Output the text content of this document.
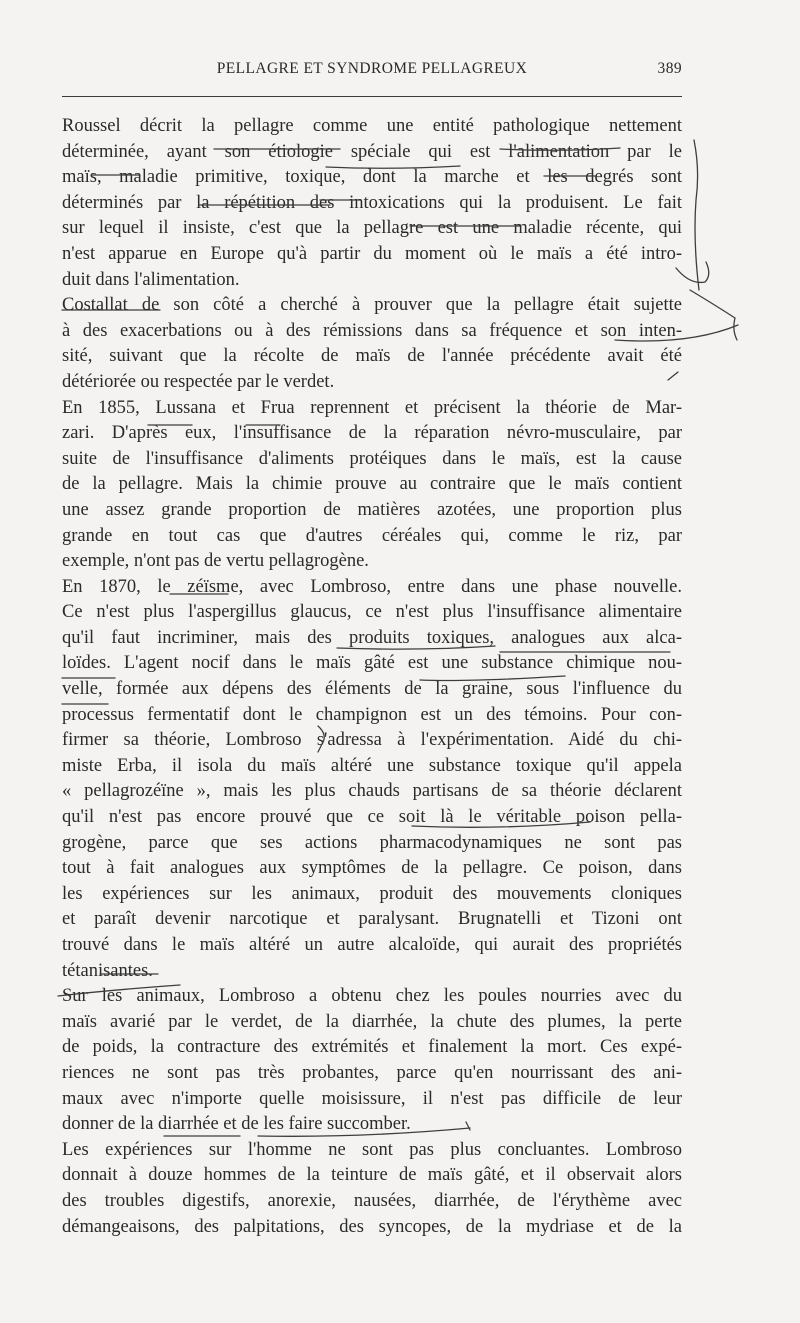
PELLAGRE ET SYNDROME PELLAGREUX	389
Roussel décrit la pellagre comme une entité pathologique nettement
déterminée, ayant son étiologie spéciale qui est l'alimentation par le
maïs, maladie primitive, toxique, dont la marche et les degrés sont
déterminés par la répétition des intoxications qui la produisent. Le fait
sur lequel il insiste, c'est que la pellagre est une maladie récente, qui
n'est apparue en Europe qu'à partir du moment où le maïs a été intro-
duit dans l'alimentation.
Costallat de son côté a cherché à prouver que la pellagre était sujette
à des exacerbations ou à des rémissions dans sa fréquence et son inten-
sité, suivant que la récolte de maïs de l'année précédente avait été
détériorée ou respectée par le verdet.
En 1855, Lussana et Frua reprennent et précisent la théorie de Mar-
zari. D'après eux, l'insuffisance de la réparation névro-musculaire, par
suite de l'insuffisance d'aliments protéiques dans le maïs, est la cause
de la pellagre. Mais la chimie prouve au contraire que le maïs contient
une assez grande proportion de matières azotées, une proportion plus
grande en tout cas que d'autres céréales qui, comme le riz, par
exemple, n'ont pas de vertu pellagrogène.
En 1870, le zéïsme, avec Lombroso, entre dans une phase nouvelle.
Ce n'est plus l'aspergillus glaucus, ce n'est plus l'insuffisance alimentaire
qu'il faut incriminer, mais des produits toxiques, analogues aux alca-
loïdes. L'agent nocif dans le maïs gâté est une substance chimique nou-
velle, formée aux dépens des éléments de la graine, sous l'influence du
processus fermentatif dont le champignon est un des témoins. Pour con-
firmer sa théorie, Lombroso s'adressa à l'expérimentation. Aidé du chi-
miste Erba, il isola du maïs altéré une substance toxique qu'il appela
« pellagrozéïne », mais les plus chauds partisans de sa théorie déclarent
qu'il n'est pas encore prouvé que ce soit là le véritable poison pella-
grogène, parce que ses actions pharmacodynamiques ne sont pas
tout à fait analogues aux symptômes de la pellagre. Ce poison, dans
les expériences sur les animaux, produit des mouvements cloniques
et paraît devenir narcotique et paralysant. Brugnatelli et Tizoni ont
trouvé dans le maïs altéré un autre alcaloïde, qui aurait des propriétés
tétanisantes.
Sur les animaux, Lombroso a obtenu chez les poules nourries avec du
maïs avarié par le verdet, de la diarrhée, la chute des plumes, la perte
de poids, la contracture des extrémités et finalement la mort. Ces expé-
riences ne sont pas très probantes, parce qu'en nourrissant des ani-
maux avec n'importe quelle moisissure, il n'est pas difficile de leur
donner de la diarrhée et de les faire succomber.
Les expériences sur l'homme ne sont pas plus concluantes. Lombroso
donnait à douze hommes de la teinture de maïs gâté, et il observait alors
des troubles digestifs, anorexie, nausées, diarrhée, de l'érythème avec
démangeaisons, des palpitations, des syncopes, de la mydriase et de la
